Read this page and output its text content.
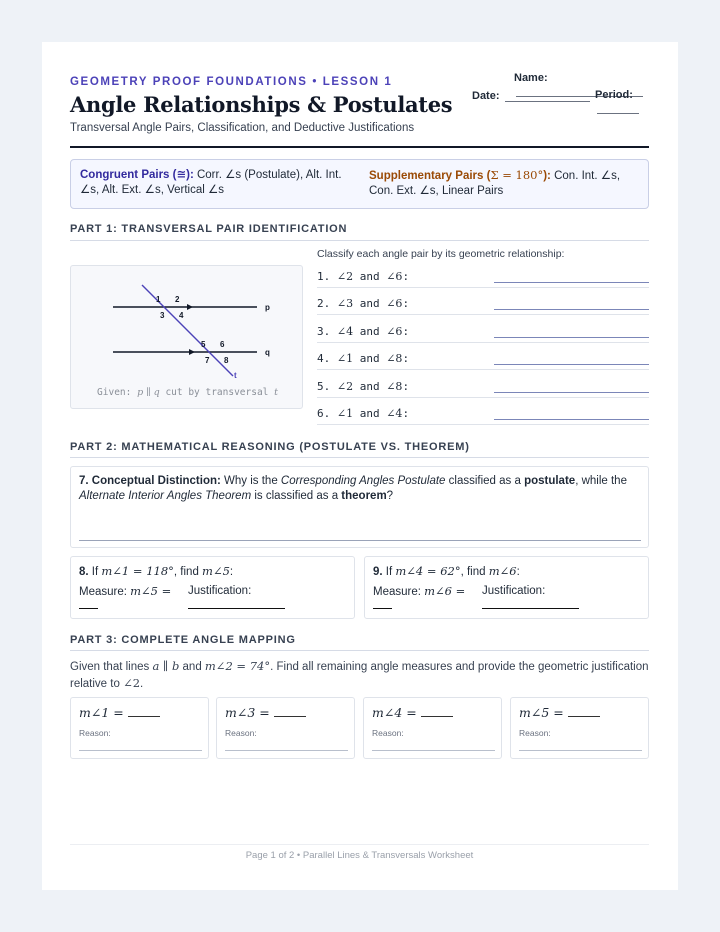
GEOMETRY PROOF FOUNDATIONS • LESSON 1
Angle Relationships & Postulates
Transversal Angle Pairs, Classification, and Deductive Justifications
Name:
Date:	Period:
Congruent Pairs (≅): Corr. ∠s (Postulate), Alt. Int. ∠s, Alt. Ext. ∠s, Vertical ∠s
Supplementary Pairs (Σ = 180°): Con. Int. ∠s, Con. Ext. ∠s, Linear Pairs
PART 1: TRANSVERSAL PAIR IDENTIFICATION
1 2
3 4
5 6
7 8
p
q
t
Given: p ∥ q cut by transversal t
Classify each angle pair by its geometric relationship:
1. ∠2 and ∠6:
2. ∠3 and ∠6:
3. ∠4 and ∠6:
4. ∠1 and ∠8:
5. ∠2 and ∠8:
6. ∠1 and ∠4:
PART 2: MATHEMATICAL REASONING (POSTULATE VS. THEOREM)
7. Conceptual Distinction: Why is the Corresponding Angles Postulate classified as a postulate, while the Alternate Interior Angles Theorem is classified as a theorem?
8. If m∠1 = 118°, find m∠5:
Measure: m∠5 = Justification:
9. If m∠4 = 62°, find m∠6:
Measure: m∠6 = Justification:
PART 3: COMPLETE ANGLE MAPPING
Given that lines a ∥ b and m∠2 = 74°. Find all remaining angle measures and provide the geometric justification relative to ∠2.
m∠1 =
Reason:
m∠3 =
Reason:
m∠4 =
Reason:
m∠5 =
Reason:
Page 1 of 2 • Parallel Lines & Transversals Worksheet
